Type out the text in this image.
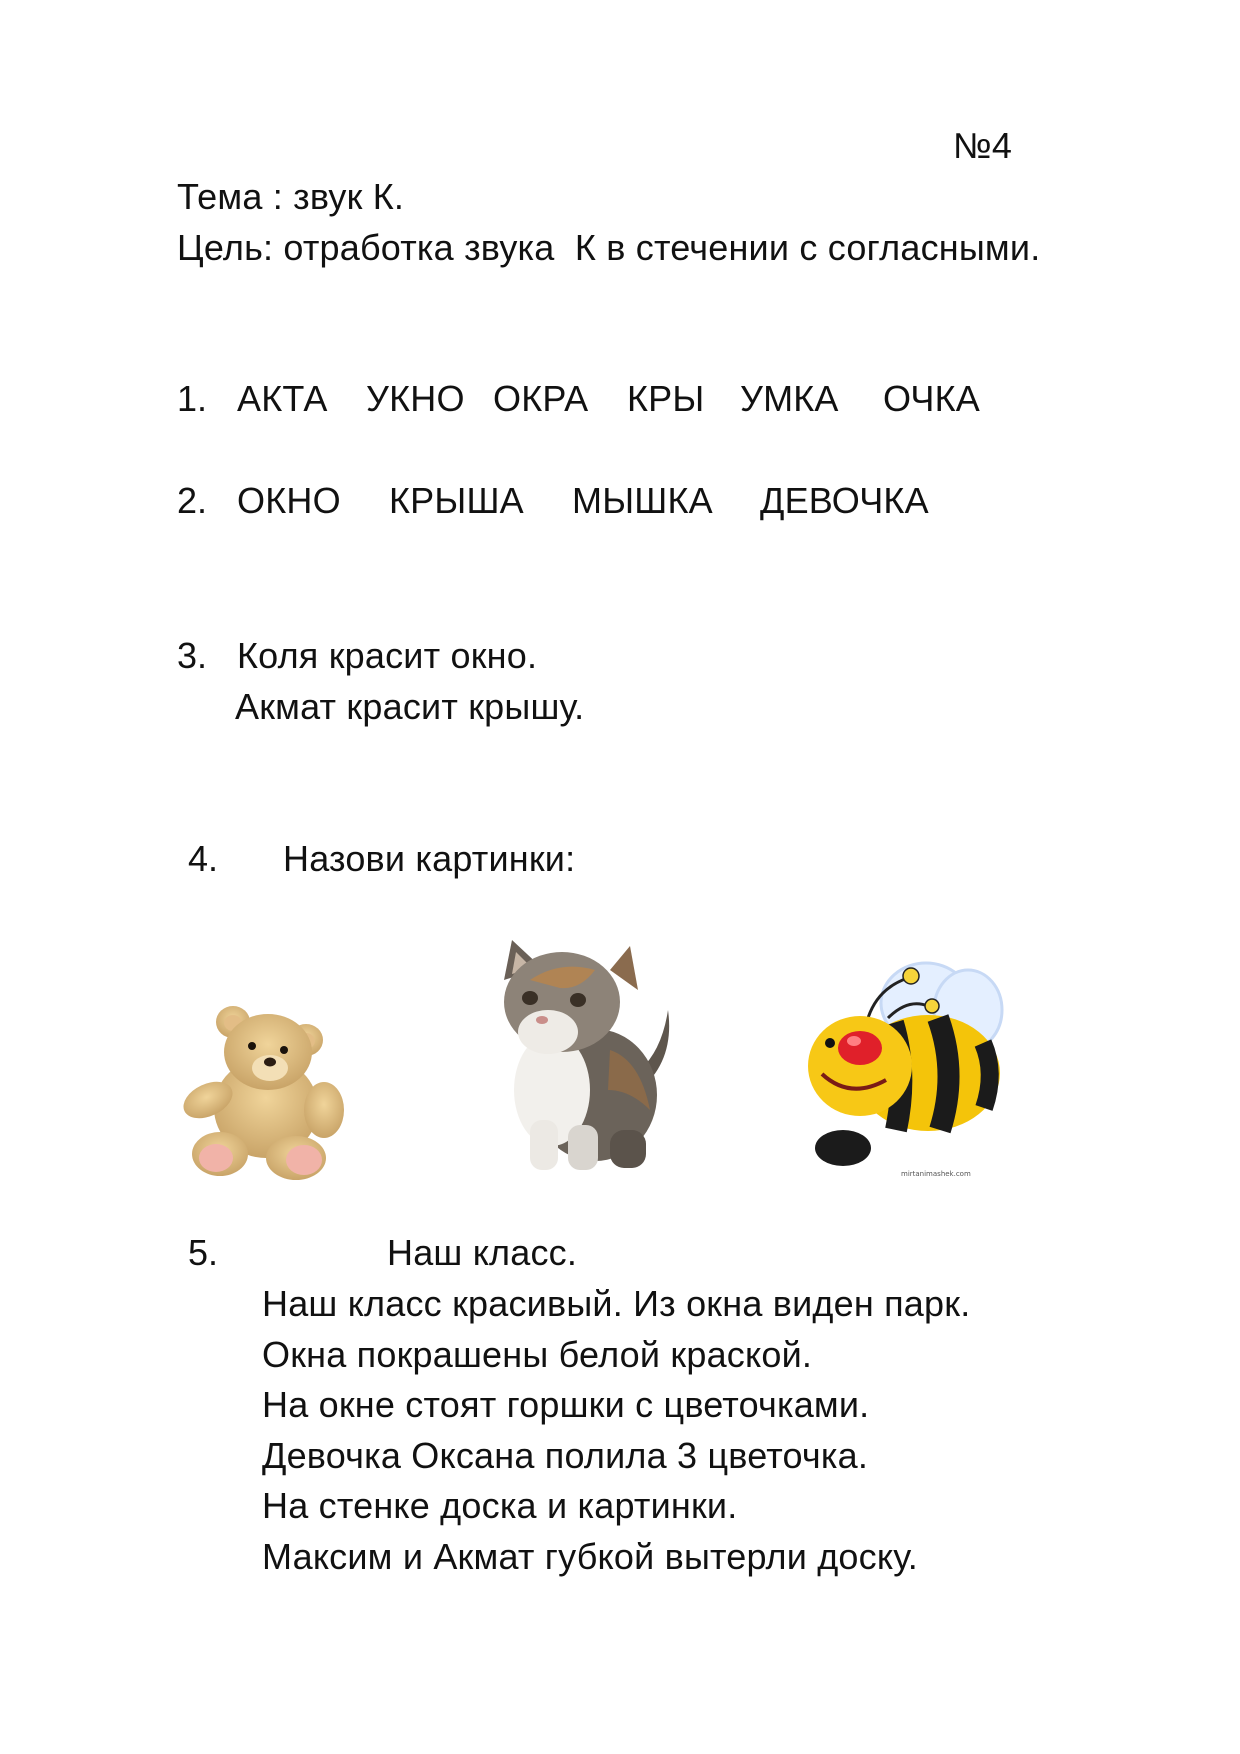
№4
Тема : звук К.
Цель: отработка звука  К в стечении с согласными.
1. АКТА УКНО ОКРА КРЫ УМКА ОЧКА
2. ОКНО КРЫША МЫШКА ДЕВОЧКА
3. Коля красит окно.
Акмат красит крышу.
4. Назови картинки:
mirtanimashek.com
5.	Наш класс.
Наш класс красивый. Из окна виден парк.
Окна покрашены белой краской.
На окне стоят горшки с цветочками.
Девочка Оксана полила 3 цветочка.
На стенке доска и картинки.
Максим и Акмат губкой вытерли доску.
